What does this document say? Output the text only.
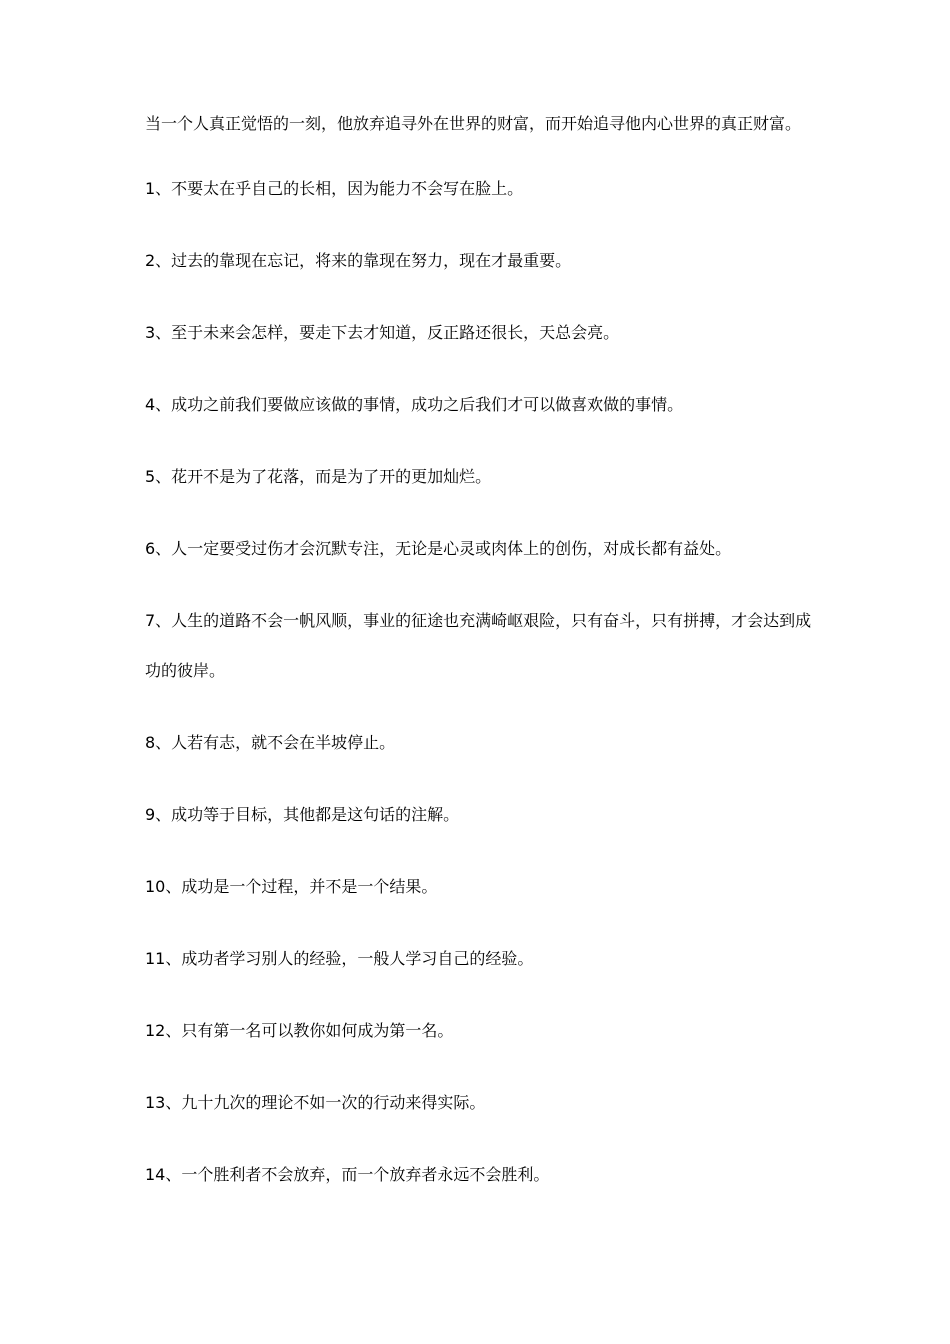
当一个人真正觉悟的一刻，他放弃追寻外在世界的财富，而开始追寻他内心世界的真正财富。

1、不要太在乎自己的长相，因为能力不会写在脸上。

2、过去的靠现在忘记，将来的靠现在努力，现在才最重要。

3、至于未来会怎样，要走下去才知道，反正路还很长，天总会亮。

4、成功之前我们要做应该做的事情，成功之后我们才可以做喜欢做的事情。

5、花开不是为了花落，而是为了开的更加灿烂。

6、人一定要受过伤才会沉默专注，无论是心灵或肉体上的创伤，对成长都有益处。

7、人生的道路不会一帆风顺，事业的征途也充满崎岖艰险，只有奋斗，只有拼搏，才会达到成功的彼岸。

8、人若有志，就不会在半坡停止。

9、成功等于目标，其他都是这句话的注解。

10、成功是一个过程，并不是一个结果。

11、成功者学习别人的经验，一般人学习自己的经验。

12、只有第一名可以教你如何成为第一名。

13、九十九次的理论不如一次的行动来得实际。

14、一个胜利者不会放弃，而一个放弃者永远不会胜利。
